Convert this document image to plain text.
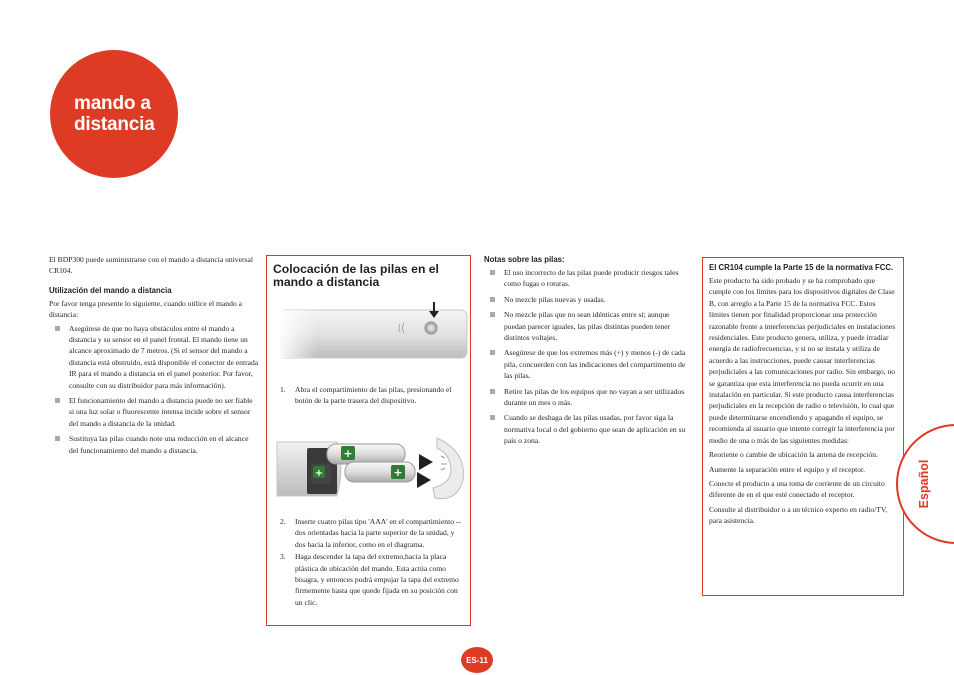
mando a
distancia

El BDP300 puede suministrarse con el mando a distancia universal CR104.

Utilización del mando a distancia

Por favor tenga presente lo siguiente, cuando utilice el mando a distancia:

Asegúrese de que no haya obstáculos entre el mando a distancia y su sensor en el panel frontal. El mando tiene un alcance aproximado de 7 metros. (Si el sensor del mando a distancia está obstruido, está disponible el conector de entrada IR para el mando a distancia en el panel posterior. Por favor, consulte con su distribuidor para más información).
El funcionamiento del mando a distancia puede no ser fiable si una luz solar o fluorescente intensa incide sobre el sensor del mando a distancia de la unidad.
Sustituya las pilas cuando note una reducción en el alcance del funcionamiento del mando a distancia.
Colocación de las pilas en el mando a distancia
1. Abra el compartimiento de las pilas, presionando el botón de la parte trasera del dispositivo.
+
+
+
2. Inserte cuatro pilas tipo 'AAA' en el compartimiento -- dos orientadas hacia la parte superior de la unidad, y dos hacia la inferior, como en el diagrama.
3. Haga descender la tapa del extremo,hacia la placa plástica de ubicación del mando. Esta actúa como bisagra, y entonces podrá empujar la tapa del extremo firmemente hasta que quede fijada en su posición con un clic.
Notas sobre las pilas:
El uso incorrecto de las pilas puede producir riesgos tales como fugas o roturas.
No mezcle pilas nuevas y usadas.
No mezcle pilas que no sean idénticas entre sí; aunque puedan parecer iguales, las pilas distintas pueden tener distintos voltajes.
Asegúrese de que los extremos más (+) y menos (-) de cada pila, concuerden con las indicaciones del compartimento de las pilas.
Retire las pilas de los equipos que no vayan a ser utilizados durante un mes o más.
Cuando se deshaga de las pilas usadas, por favor siga la normativa local o del gobierno que sean de aplicación en su país o zona.
El CR104 cumple la Parte 15 de la normativa FCC.

Este producto ha sido probado y se ha comprobado que cumple con los límites para los dispositivos digitales de Clase B, con arreglo a la Parte 15 de la normativa FCC. Estos límites tienen por finalidad proporcionar una protección razonable frente a interferencias perjudiciales en instalaciones residenciales. Este producto genera, utiliza, y puede irradiar energía de radiofrecuencias, y si no se instala y utiliza de acuerdo a las instrucciones, puede causar interferencias perjudiciales a las comunicaciones por radio. Sin embargo, no se garantiza que esta interferencia no pueda ocurrir en una instalación en particular. Si este producto causa interferencias perjudiciales en la recepción de radio o televisión, lo cual que puede determinarse encendiendo y apagando el equipo, se recomienda al usuario que intente corregir la interferencia por medio de una o más de las siguientes medidas:

Reoriente o cambie de ubicación la antena de recepción.

Aumente la separación entre el equipo y el receptor.

Conecte el producto a una toma de corriente de un circuito diferente de en el que esté conectado el receptor.

Consulte al distribuidor o a un técnico experto en radio/TV, para asistencia.

Español
ES-11
